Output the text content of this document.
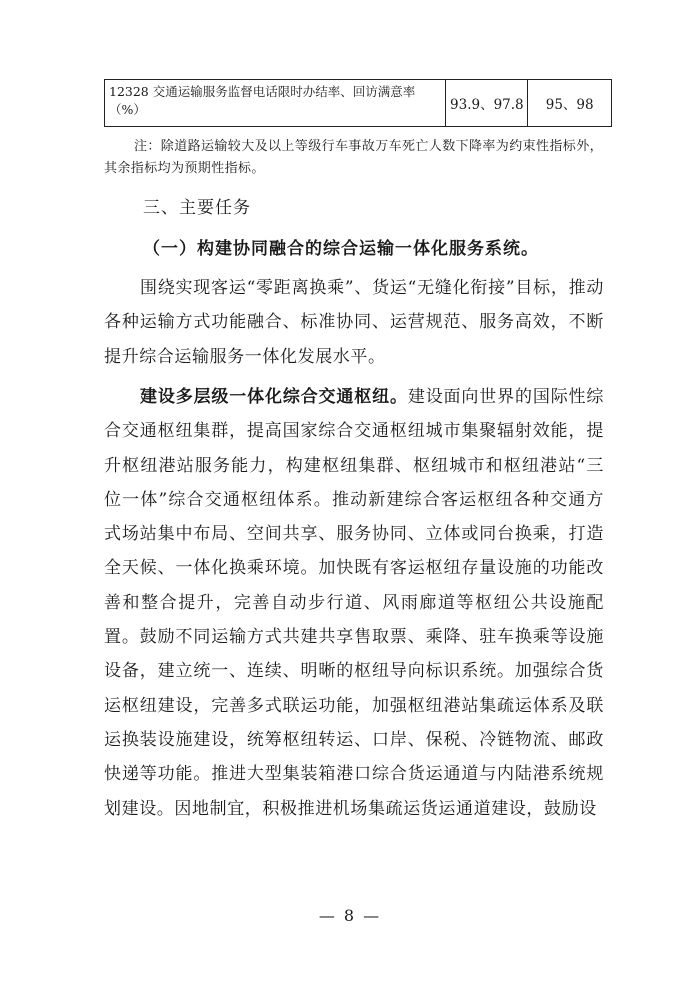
12328 交通运输服务监督电话限时办结率、回访满意率（%）	93.9、97.8	95、98
注：除道路运输较大及以上等级行车事故万车死亡人数下降率为约束性指标外，其余指标均为预期性指标。
三、主要任务
（一）构建协同融合的综合运输一体化服务系统。
围绕实现客运“零距离换乘”、货运“无缝化衔接”目标，推动各种运输方式功能融合、标准协同、运营规范、服务高效，不断提升综合运输服务一体化发展水平。
建设多层级一体化综合交通枢纽。建设面向世界的国际性综合交通枢纽集群，提高国家综合交通枢纽城市集聚辐射效能，提升枢纽港站服务能力，构建枢纽集群、枢纽城市和枢纽港站“三位一体”综合交通枢纽体系。推动新建综合客运枢纽各种交通方式场站集中布局、空间共享、服务协同、立体或同台换乘，打造全天候、一体化换乘环境。加快既有客运枢纽存量设施的功能改善和整合提升，完善自动步行道、风雨廊道等枢纽公共设施配置。鼓励不同运输方式共建共享售取票、乘降、驻车换乘等设施设备，建立统一、连续、明晰的枢纽导向标识系统。加强综合货运枢纽建设，完善多式联运功能，加强枢纽港站集疏运体系及联运换装设施建设，统筹枢纽转运、口岸、保税、冷链物流、邮政快递等功能。推进大型集装箱港口综合货运通道与内陆港系统规划建设。因地制宜，积极推进机场集疏运货运通道建设，鼓励设
— 8 —
